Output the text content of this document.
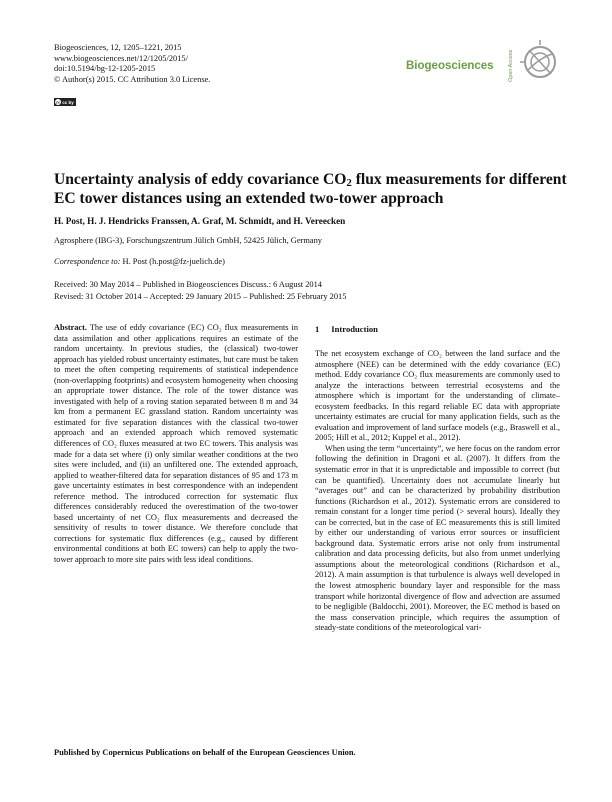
Biogeosciences, 12, 1205–1221, 2015
www.biogeosciences.net/12/1205/2015/
doi:10.5194/bg-12-1205-2015
© Author(s) 2015. CC Attribution 3.0 License.
cc cc by
Biogeosciences	Open Access
Uncertainty analysis of eddy covariance $CO_2$ flux measurements for different EC tower distances using an extended two-tower approach
H. Post, H. J. Hendricks Franssen, A. Graf, M. Schmidt, and H. Vereecken
Agrosphere (IBG-3), Forschungszentrum Jülich GmbH, 52425 Jülich, Germany
Correspondence to: H. Post (h.post@fz-juelich.de)
Received: 30 May 2014 – Published in Biogeosciences Discuss.: 6 August 2014
Revised: 31 October 2014 – Accepted: 29 January 2015 – Published: 25 February 2015
Abstract. The use of eddy covariance (EC) CO₂ flux measurements in data assimilation and other applications requires an estimate of the random uncertainty. In previous studies, the (classical) two-tower approach has yielded robust uncertainty estimates, but care must be taken to meet the often competing requirements of statistical independence (non-overlapping footprints) and ecosystem homogeneity when choosing an appropriate tower distance. The role of the tower distance was investigated with help of a roving station separated between 8 m and 34 km from a permanent EC grassland station. Random uncertainty was estimated for five separation distances with the classical two-tower approach and an extended approach which removed systematic differences of CO₂ fluxes measured at two EC towers. This analysis was made for a data set where (i) only similar weather conditions at the two sites were included, and (ii) an unfiltered one. The extended approach, applied to weather-filtered data for separation distances of 95 and 173 m gave uncertainty estimates in best correspondence with an independent reference method. The introduced correction for systematic flux differences considerably reduced the overestimation of the two-tower based uncertainty of net CO₂ flux measurements and decreased the sensitivity of results to tower distance. We therefore conclude that corrections for systematic flux differences (e.g., caused by different environmental conditions at both EC towers) can help to apply the two-tower approach to more site pairs with less ideal conditions.
1 Introduction

The net ecosystem exchange of CO₂ between the land surface and the atmosphere (NEE) can be determined with the eddy covariance (EC) method. Eddy covariance CO₂ flux measurements are commonly used to analyze the interactions between terrestrial ecosystems and the atmosphere which is important for the understanding of climate–ecosystem feedbacks. In this regard reliable EC data with appropriate uncertainty estimates are crucial for many application fields, such as the evaluation and improvement of land surface models (e.g., Braswell et al., 2005; Hill et al., 2012; Kuppel et al., 2012).

When using the term “uncertainty”, we here focus on the random error following the definition in Dragoni et al. (2007). It differs from the systematic error in that it is unpredictable and impossible to correct (but can be quantified). Uncertainty does not accumulate linearly but “averages out” and can be characterized by probability distribution functions (Richardson et al., 2012). Systematic errors are considered to remain constant for a longer time period (> several hours). Ideally they can be corrected, but in the case of EC measurements this is still limited by either our understanding of various error sources or insufficient background data. Systematic errors arise not only from instrumental calibration and data processing deficits, but also from unmet underlying assumptions about the meteorological conditions (Richardson et al., 2012). A main assumption is that turbulence is always well developed in the lowest atmospheric boundary layer and responsible for the mass transport while horizontal divergence of flow and advection are assumed to be negligible (Baldocchi, 2001). Moreover, the EC method is based on the mass conservation principle, which requires the assumption of steady-state conditions of the meteorological vari-

Published by Copernicus Publications on behalf of the European Geosciences Union.
